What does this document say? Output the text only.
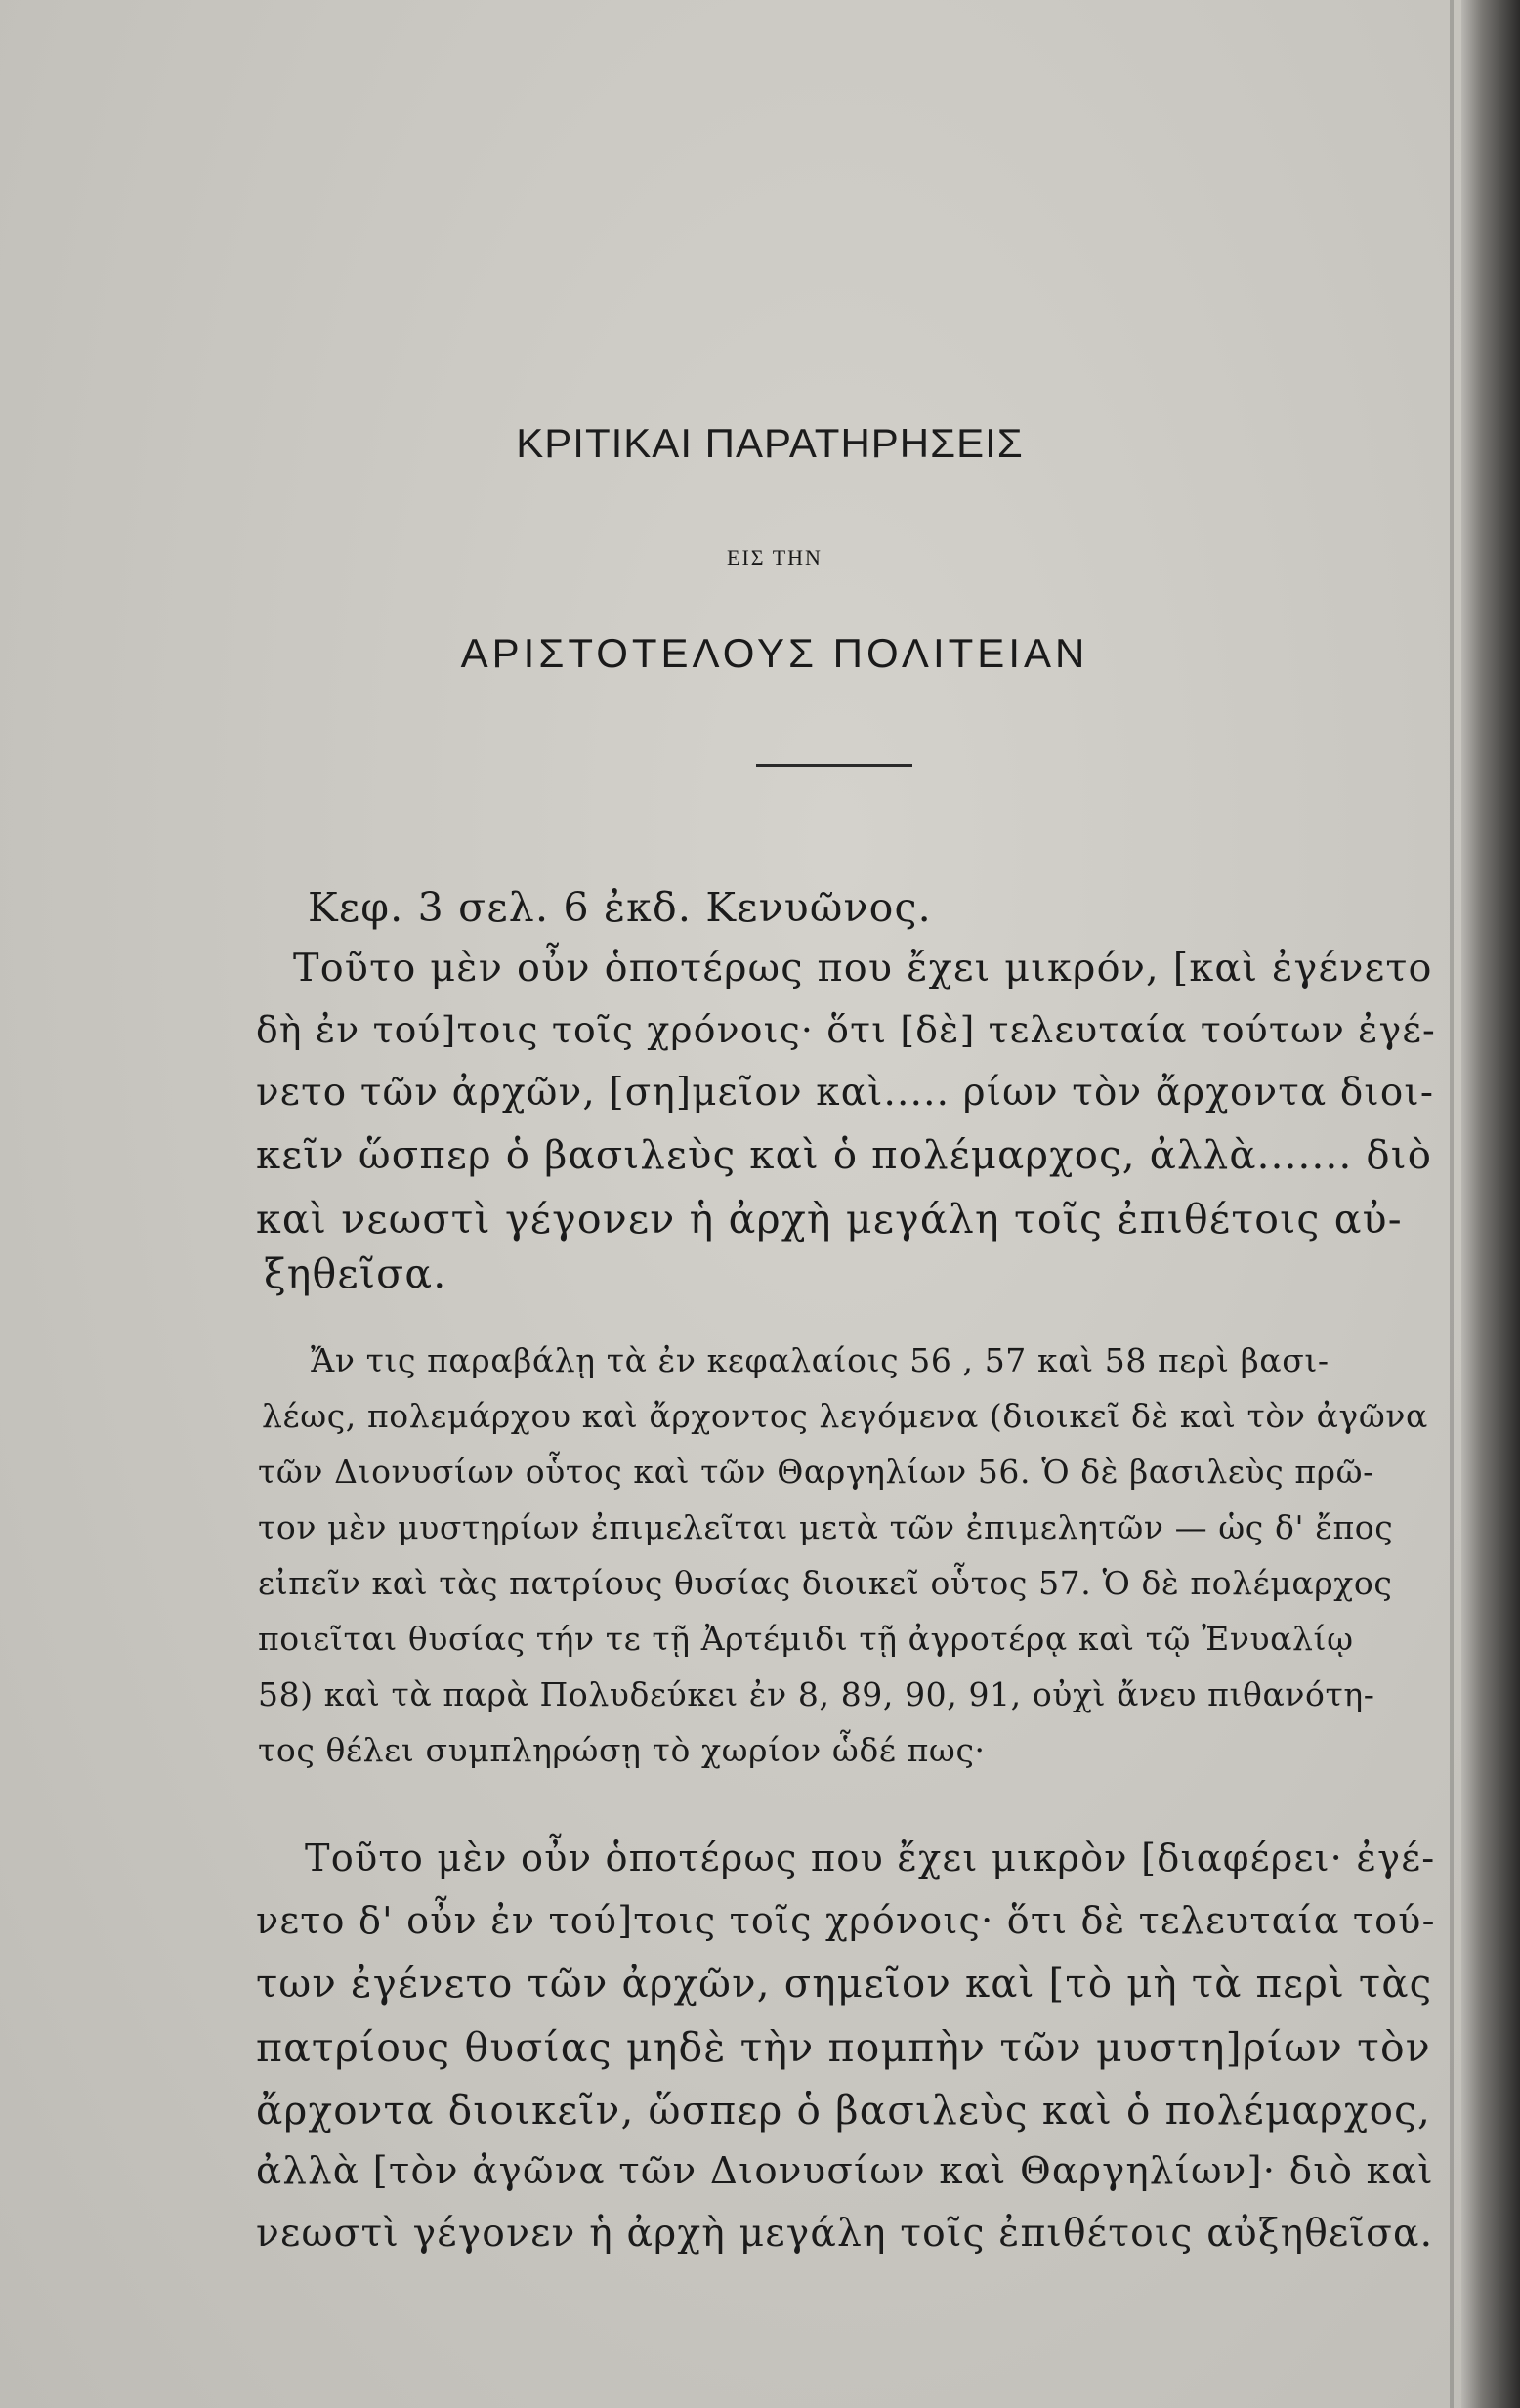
ΚΡΙΤΙΚΑΙ ΠΑΡΑΤΗΡΗΣΕΙΣ
ΕΙΣ ΤΗΝ
ΑΡΙΣΤΟΤΕΛΟΥΣ ΠΟΛΙΤΕΙΑΝ
Κεφ. 3 σελ. 6 ἐκδ. Κενυῶνος.
Τοῦτο μὲν οὖν ὁποτέρως που ἔχει μικρόν, [καὶ ἐγένετο
δὴ ἐν τού]τοις τοῖς χρόνοις· ὅτι [δὲ] τελευταία τούτων ἐγέ-
νετο τῶν ἀρχῶν, [ση]μεῖον καὶ..... ρίων τὸν ἄρχοντα διοι-
κεῖν ὥσπερ ὁ βασιλεὺς καὶ ὁ πολέμαρχος, ἀλλὰ....... διὸ
καὶ νεωστὶ γέγονεν ἡ ἀρχὴ μεγάλη τοῖς ἐπιθέτοις αὐ-
ξηθεῖσα.
Ἄν τις παραβάλῃ τὰ ἐν κεφαλαίοις 56 , 57 καὶ 58 περὶ βασι-
λέως, πολεμάρχου καὶ ἄρχοντος λεγόμενα (διοικεῖ δὲ καὶ τὸν ἀγῶνα
τῶν Διονυσίων οὗτος καὶ τῶν Θαργηλίων 56. Ὁ δὲ βασιλεὺς πρῶ-
τον μὲν μυστηρίων ἐπιμελεῖται μετὰ τῶν ἐπιμελητῶν — ὡς δ' ἔπος
εἰπεῖν καὶ τὰς πατρίους θυσίας διοικεῖ οὗτος 57. Ὁ δὲ πολέμαρχος
ποιεῖται θυσίας τήν τε τῇ Ἀρτέμιδι τῇ ἀγροτέρᾳ καὶ τῷ Ἐνυαλίῳ
58) καὶ τὰ παρὰ Πολυδεύκει ἐν 8, 89, 90, 91, οὐχὶ ἄνευ πιθανότη-
τος θέλει συμπληρώσῃ τὸ χωρίον ὧδέ πως·
Τοῦτο μὲν οὖν ὁποτέρως που ἔχει μικρὸν [διαφέρει· ἐγέ-
νετο δ' οὖν ἐν τού]τοις τοῖς χρόνοις· ὅτι δὲ τελευταία τού-
των ἐγένετο τῶν ἀρχῶν, σημεῖον καὶ [τὸ μὴ τὰ περὶ τὰς
πατρίους θυσίας μηδὲ τὴν πομπὴν τῶν μυστη]ρίων τὸν
ἄρχοντα διοικεῖν, ὥσπερ ὁ βασιλεὺς καὶ ὁ πολέμαρχος,
ἀλλὰ [τὸν ἀγῶνα τῶν Διονυσίων καὶ Θαργηλίων]· διὸ καὶ
νεωστὶ γέγονεν ἡ ἀρχὴ μεγάλη τοῖς ἐπιθέτοις αὐξηθεῖσα.
